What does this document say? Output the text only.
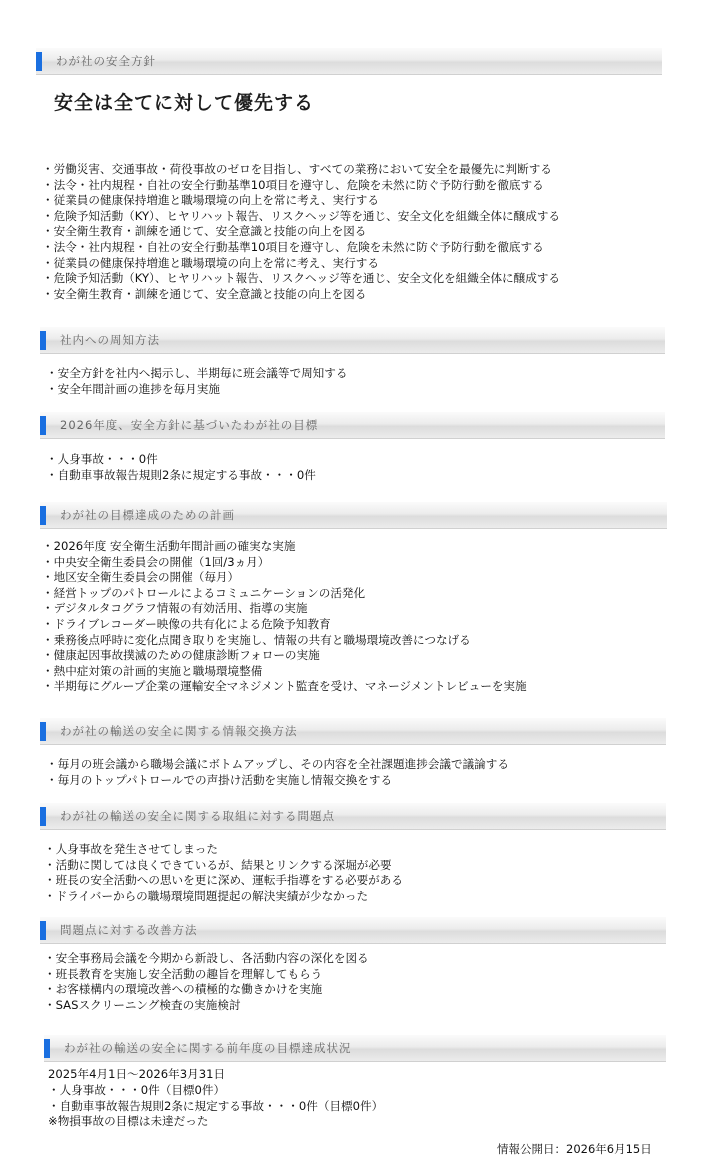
わが社の安全方針
安全は全てに対して優先する
・労働災害、交通事故・荷役事故のゼロを目指し、すべての業務において安全を最優先に判断する
・法令・社内規程・自社の安全行動基準10項目を遵守し、危険を未然に防ぐ予防行動を徹底する
・従業員の健康保持増進と職場環境の向上を常に考え、実行する
・危険予知活動（KY）、ヒヤリハット報告、リスクヘッジ等を通じ、安全文化を組織全体に醸成する
・安全衛生教育・訓練を通じて、安全意識と技能の向上を図る
・法令・社内規程・自社の安全行動基準10項目を遵守し、危険を未然に防ぐ予防行動を徹底する
・従業員の健康保持増進と職場環境の向上を常に考え、実行する
・危険予知活動（KY）、ヒヤリハット報告、リスクヘッジ等を通じ、安全文化を組織全体に醸成する
・安全衛生教育・訓練を通じて、安全意識と技能の向上を図る
社内への周知方法
・安全方針を社内へ掲示し、半期毎に班会議等で周知する
・安全年間計画の進捗を毎月実施
2026年度、安全方針に基づいたわが社の目標
・人身事故・・・0件
・自動車事故報告規則2条に規定する事故・・・0件
わが社の目標達成のための計画
・2026年度 安全衛生活動年間計画の確実な実施
・中央安全衛生委員会の開催（1回/3ヵ月）
・地区安全衛生委員会の開催（毎月）
・経営トップのパトロールによるコミュニケーションの活発化
・デジタルタコグラフ情報の有効活用、指導の実施
・ドライブレコーダー映像の共有化による危険予知教育
・乗務後点呼時に変化点聞き取りを実施し、情報の共有と職場環境改善につなげる
・健康起因事故撲滅のための健康診断フォローの実施
・熱中症対策の計画的実施と職場環境整備
・半期毎にグループ企業の運輸安全マネジメント監査を受け、マネージメントレビューを実施
わが社の輸送の安全に関する情報交換方法
・毎月の班会議から職場会議にボトムアップし、その内容を全社課題進捗会議で議論する
・毎月のトップパトロールでの声掛け活動を実施し情報交換をする
わが社の輸送の安全に関する取組に対する問題点
・人身事故を発生させてしまった
・活動に関しては良くできているが、結果とリンクする深堀が必要
・班長の安全活動への思いを更に深め、運転手指導をする必要がある
・ドライバーからの職場環境問題提起の解決実績が少なかった
問題点に対する改善方法
・安全事務局会議を今期から新設し、各活動内容の深化を図る
・班長教育を実施し安全活動の趣旨を理解してもらう
・お客様構内の環境改善への積極的な働きかけを実施
・SASスクリーニング検査の実施検討
わが社の輸送の安全に関する前年度の目標達成状況
2025年4月1日～2026年3月31日
・人身事故・・・0件（目標0件）
・自動車事故報告規則2条に規定する事故・・・0件（目標0件）
※物損事故の目標は未達だった
情報公開日：2026年6月15日
